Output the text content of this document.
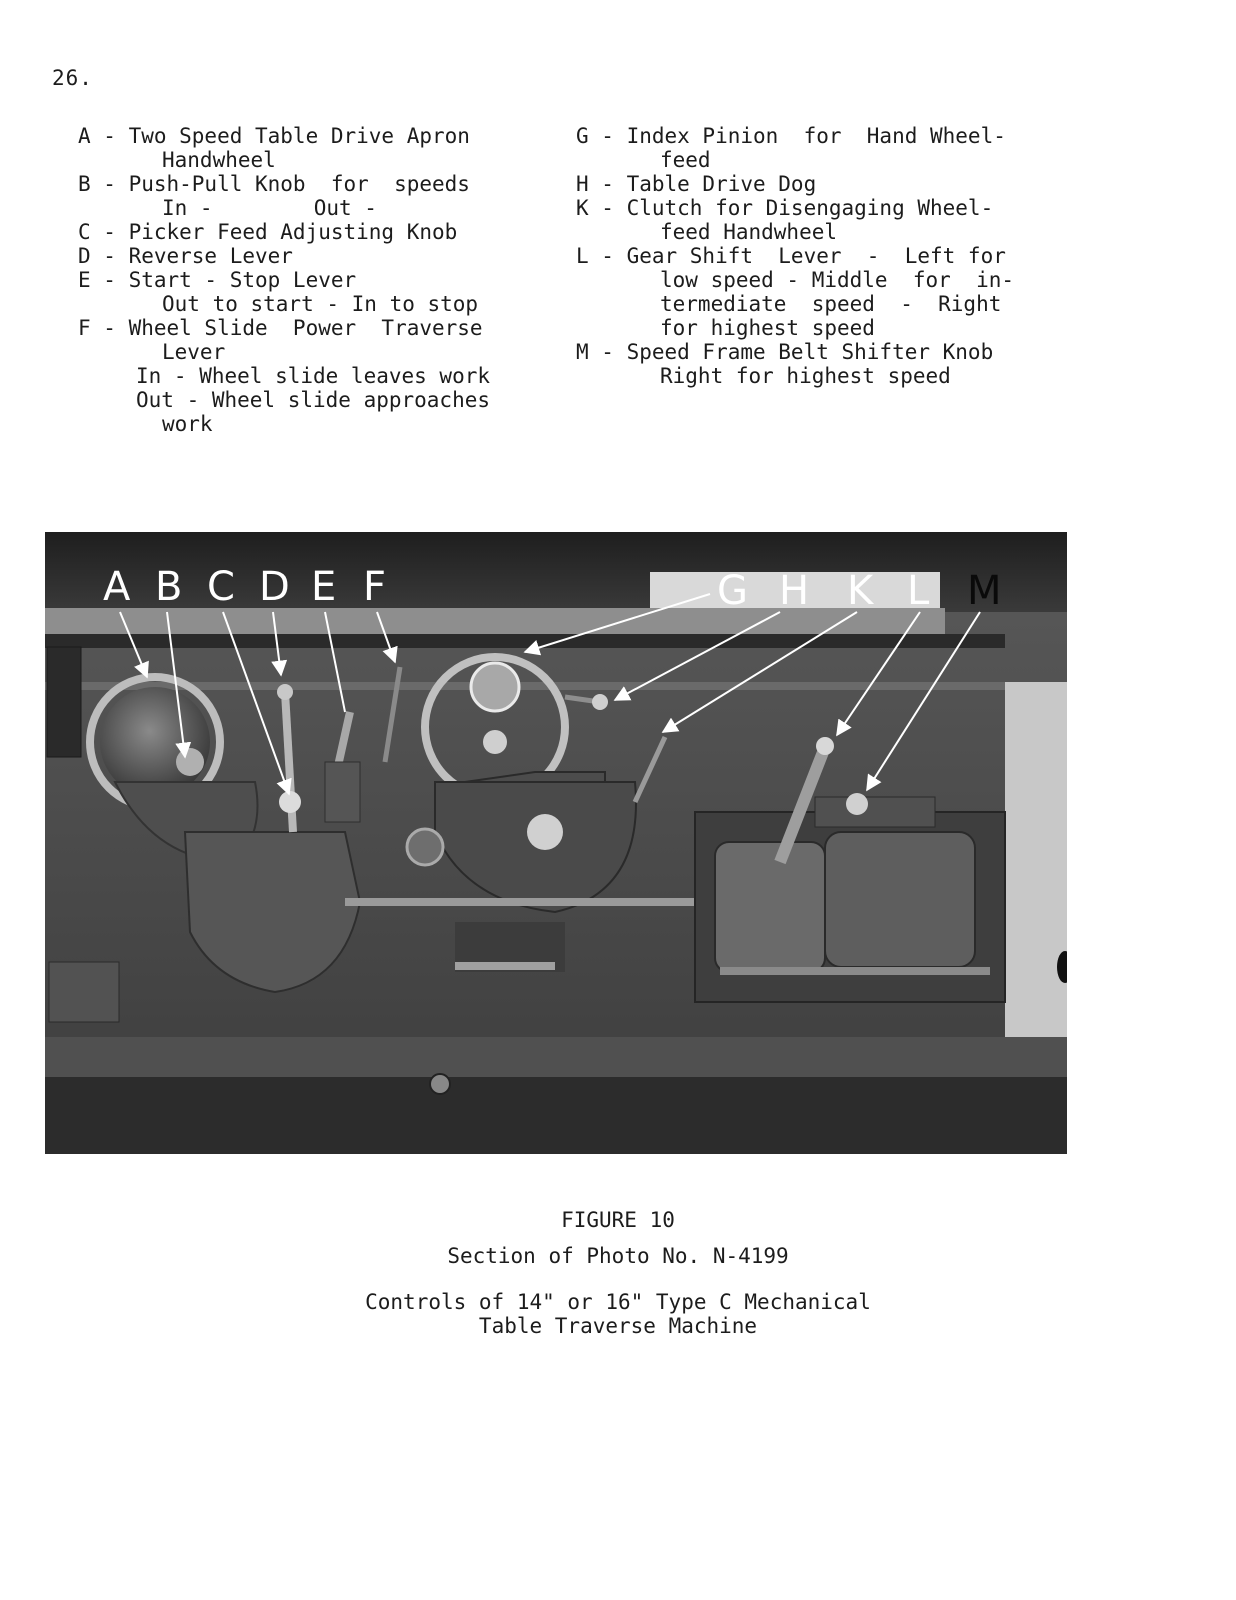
26.
A - Two Speed Table Drive Apron
Handwheel
B - Push-Pull Knob  for  speeds
In -        Out -
C - Picker Feed Adjusting Knob
D - Reverse Lever
E - Start - Stop Lever
Out to start - In to stop
F - Wheel Slide  Power  Traverse
Lever
In - Wheel slide leaves work
Out - Wheel slide approaches
work
G - Index Pinion  for  Hand Wheel-
feed
H - Table Drive Dog
K - Clutch for Disengaging Wheel-
feed Handwheel
L - Gear Shift  Lever  -  Left for
low speed - Middle  for  in-
termediate  speed  -  Right
for highest speed
M - Speed Frame Belt Shifter Knob
Right for highest speed
A B C D E F	G H K L M
FIGURE 10
Section of Photo No. N-4199
Controls of 14" or 16" Type C Mechanical
Table Traverse Machine
